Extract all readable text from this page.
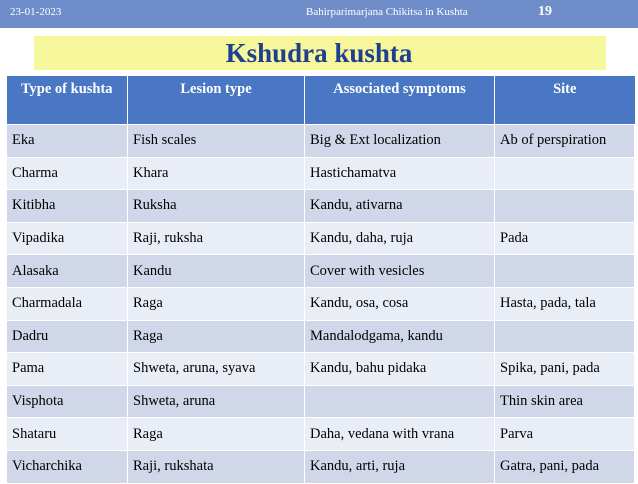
23-01-2023	Bahirparimarjana Chikitsa in Kushta	19
Kshudra kushta
Type of kushta	Lesion type	Associated symptoms	Site
Eka	Fish scales	Big & Ext localization	Ab of perspiration
Charma	Khara	Hastichamatva	
Kitibha	Ruksha	Kandu, ativarna	
Vipadika	Raji, ruksha	Kandu, daha, ruja	Pada
Alasaka	Kandu	Cover with vesicles	
Charmadala	Raga	Kandu, osa, cosa	Hasta, pada, tala
Dadru	Raga	Mandalodgama, kandu	
Pama	Shweta, aruna, syava	Kandu, bahu pidaka	Spika, pani, pada
Visphota	Shweta, aruna		Thin skin area
Shataru	Raga	Daha, vedana with vrana	Parva
Vicharchika	Raji, rukshata	Kandu, arti, ruja	Gatra, pani, pada
